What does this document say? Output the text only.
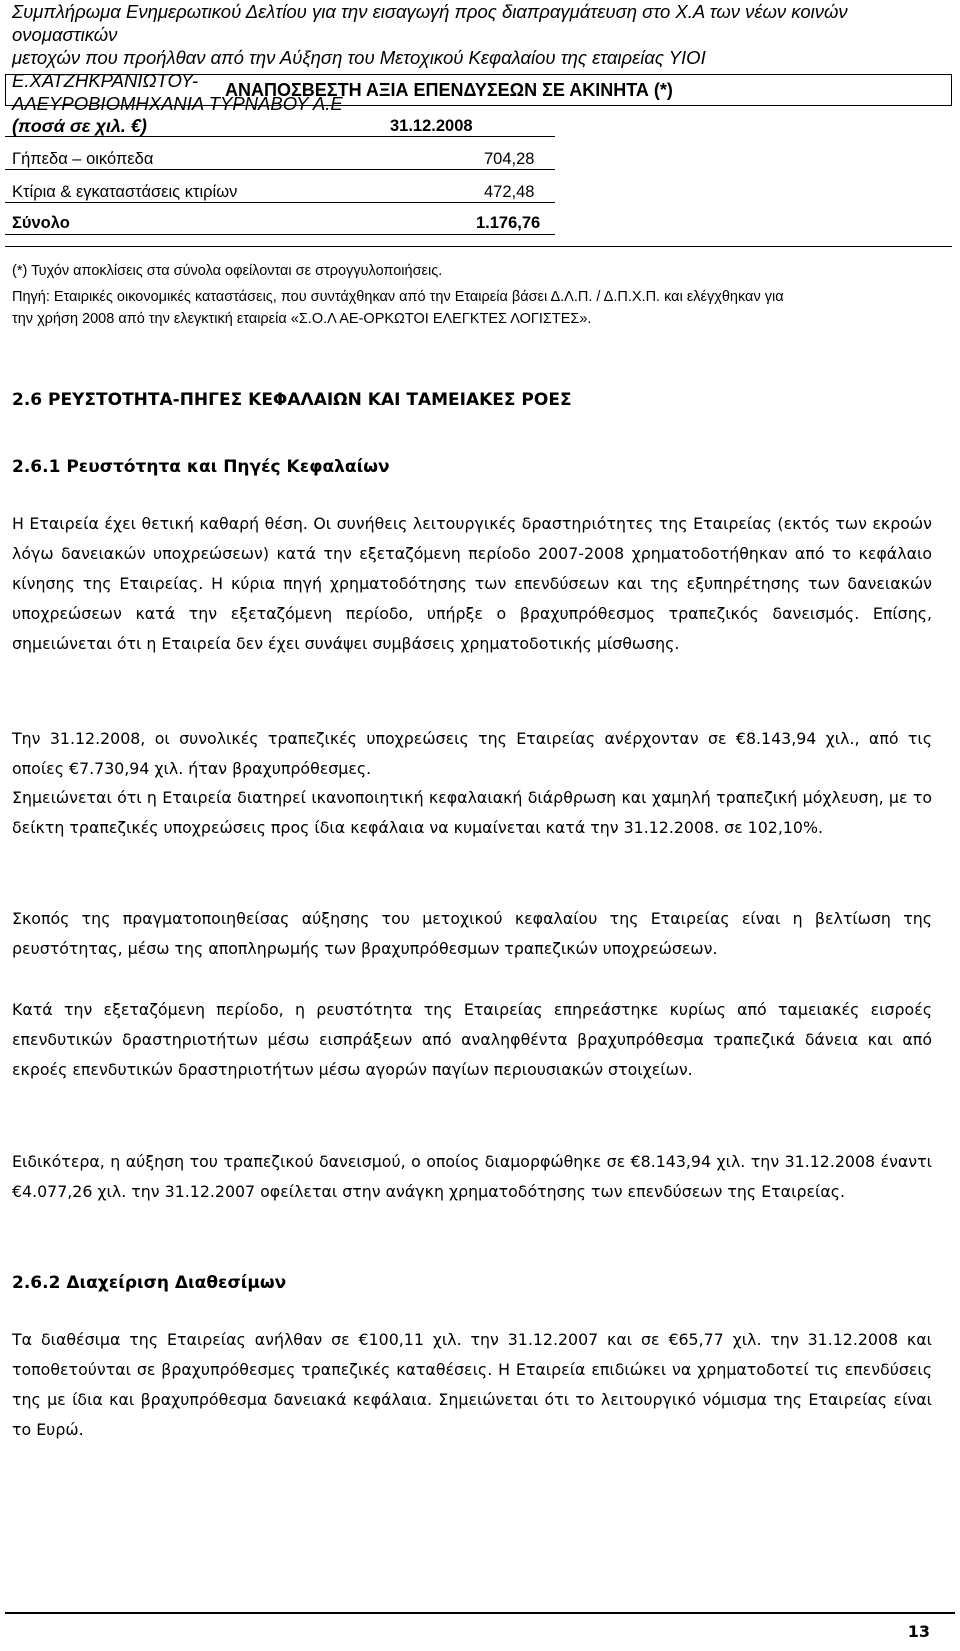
Συμπλήρωμα Ενημερωτικού Δελτίου για την εισαγωγή προς διαπραγμάτευση στο Χ.Α των νέων κοινών ονομαστικών
μετοχών που προήλθαν από την Αύξηση του Μετοχικού Κεφαλαίου της εταιρείας ΥΙΟΙ Ε.ΧΑΤΖΗΚΡΑΝΙΩΤΟΥ-
ΑΛΕΥΡΟΒΙΟΜΗΧΑΝΙΑ ΤΥΡΝΑΒΟΥ Α.Ε
ΑΝΑΠΟΣΒΕΣΤΗ ΑΞΙΑ ΕΠΕΝΔΥΣΕΩΝ ΣΕ ΑΚΙΝΗΤΑ (*)
(ποσά σε χιλ. €)	31.12.2008
Γήπεδα – οικόπεδα	704,28
Κτίρια & εγκαταστάσεις κτιρίων	472,48
Σύνολο	1.176,76
(*) Τυχόν αποκλίσεις στα σύνολα οφείλονται σε στρογγυλοποιήσεις.
Πηγή: Εταιρικές οικονομικές καταστάσεις, που συντάχθηκαν από την Εταιρεία βάσει Δ.Λ.Π. / Δ.Π.Χ.Π. και ελέγχθηκαν για
την χρήση 2008 από την ελεγκτική εταιρεία «Σ.Ο.Λ ΑΕ-ΟΡΚΩΤΟΙ ΕΛΕΓΚΤΕΣ ΛΟΓΙΣΤΕΣ».
2.6 ΡΕΥΣΤΟΤΗΤΑ-ΠΗΓΕΣ ΚΕΦΑΛΑΙΩΝ ΚΑΙ ΤΑΜΕΙΑΚΕΣ ΡΟΕΣ
2.6.1 Ρευστότητα και Πηγές Κεφαλαίων
Η Εταιρεία έχει θετική καθαρή θέση. Οι συνήθεις λειτουργικές δραστηριότητες της Εταιρείας (εκτός των εκροών λόγω δανειακών υποχρεώσεων) κατά την εξεταζόμενη περίοδο 2007-2008 χρηματοδοτήθηκαν από το κεφάλαιο κίνησης της Εταιρείας. Η κύρια πηγή χρηματοδότησης των επενδύσεων και της εξυπηρέτησης των δανειακών υποχρεώσεων κατά την εξεταζόμενη περίοδο, υπήρξε ο βραχυπρόθεσμος τραπεζικός δανεισμός. Επίσης, σημειώνεται ότι η Εταιρεία δεν έχει συνάψει συμβάσεις χρηματοδοτικής μίσθωσης.
Την 31.12.2008, οι συνολικές τραπεζικές υποχρεώσεις της Εταιρείας ανέρχονταν σε €8.143,94 χιλ., από τις οποίες €7.730,94 χιλ. ήταν βραχυπρόθεσμες.
Σημειώνεται ότι η Εταιρεία διατηρεί ικανοποιητική κεφαλαιακή διάρθρωση και χαμηλή τραπεζική μόχλευση, με το δείκτη τραπεζικές υποχρεώσεις προς ίδια κεφάλαια να κυμαίνεται κατά την 31.12.2008. σε 102,10%.
Σκοπός της πραγματοποιηθείσας αύξησης του μετοχικού κεφαλαίου της Εταιρείας είναι η βελτίωση της ρευστότητας, μέσω της αποπληρωμής των βραχυπρόθεσμων τραπεζικών υποχρεώσεων.
Κατά την εξεταζόμενη περίοδο, η ρευστότητα της Εταιρείας επηρεάστηκε κυρίως από ταμειακές εισροές επενδυτικών δραστηριοτήτων μέσω εισπράξεων από αναληφθέντα βραχυπρόθεσμα τραπεζικά δάνεια και από εκροές επενδυτικών δραστηριοτήτων μέσω αγορών παγίων περιουσιακών στοιχείων.
Ειδικότερα, η αύξηση του τραπεζικού δανεισμού, ο οποίος διαμορφώθηκε σε €8.143,94 χιλ. την 31.12.2008 έναντι €4.077,26 χιλ. την 31.12.2007 οφείλεται στην ανάγκη χρηματοδότησης των επενδύσεων της Εταιρείας.
2.6.2 Διαχείριση Διαθεσίμων
Τα διαθέσιμα της Εταιρείας ανήλθαν σε €100,11 χιλ. την 31.12.2007 και σε €65,77 χιλ. την 31.12.2008 και τοποθετούνται σε βραχυπρόθεσμες τραπεζικές καταθέσεις. Η Εταιρεία επιδιώκει να χρηματοδοτεί τις επενδύσεις της με ίδια και βραχυπρόθεσμα δανειακά κεφάλαια. Σημειώνεται ότι το λειτουργικό νόμισμα της Εταιρείας είναι το Ευρώ.
13
